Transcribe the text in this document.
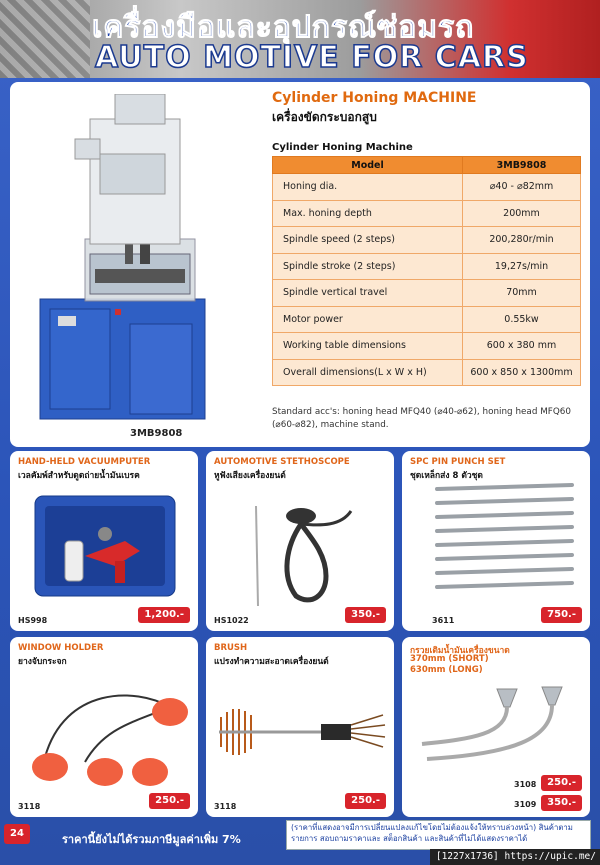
เครื่องมือและอุปกรณ์ซ่อมรถ
AUTO MOTIVE FOR CARS
3MB9808
Cylinder Honing MACHINE
เครื่องขัดกระบอกสูบ
Cylinder Honing Machine
Model	3MB9808
Honing dia.	⌀40 - ⌀82mm
Max. honing depth	200mm
Spindle speed (2 steps)	200,280r/min
Spindle stroke (2 steps)	19,27s/min
Spindle vertical travel	70mm
Motor power	0.55kw
Working table dimensions	600 x 380 mm
Overall dimensions(L x W x H)	600 x 850 x 1300mm
Standard acc's: honing head MFQ40 (⌀40-⌀62), honing head MFQ60 (⌀60-⌀82), machine stand.
HAND-HELD VACUUMPUTER
เวลคัมพ์สำหรับดูดถ่ายน้ำมันเบรค
HS998
1,200.-
AUTOMOTIVE STETHOSCOPE
หูฟังเสียงเครื่องยนต์
HS1022
350.-
SPC PIN PUNCH SET
ชุดเหล็กส่ง 8 ตัวชุด
3611
750.-
WINDOW HOLDER
ยางจับกระจก
3118
250.-
BRUSH
แปรงทำความสะอาดเครื่องยนต์
3118
250.-
กรวยเติมน้ำมันเครื่องขนาด
370mm (SHORT)
630mm (LONG)
3108	250.-
3109	350.-
24	ราคานี้ยังไม่ได้รวมภาษีมูลค่าเพิ่ม 7%
(ราคาที่แสดงอาจมีการเปลี่ยนแปลงแก้ไขโดยไม่ต้องแจ้งให้ทราบล่วงหน้า) สินค้าตามรายการ สอบถามราคาและ สต็อกสินค้า และสินค้าที่ไม่ได้แสดงราคาได้
[1227x1736] https://upic.me/
